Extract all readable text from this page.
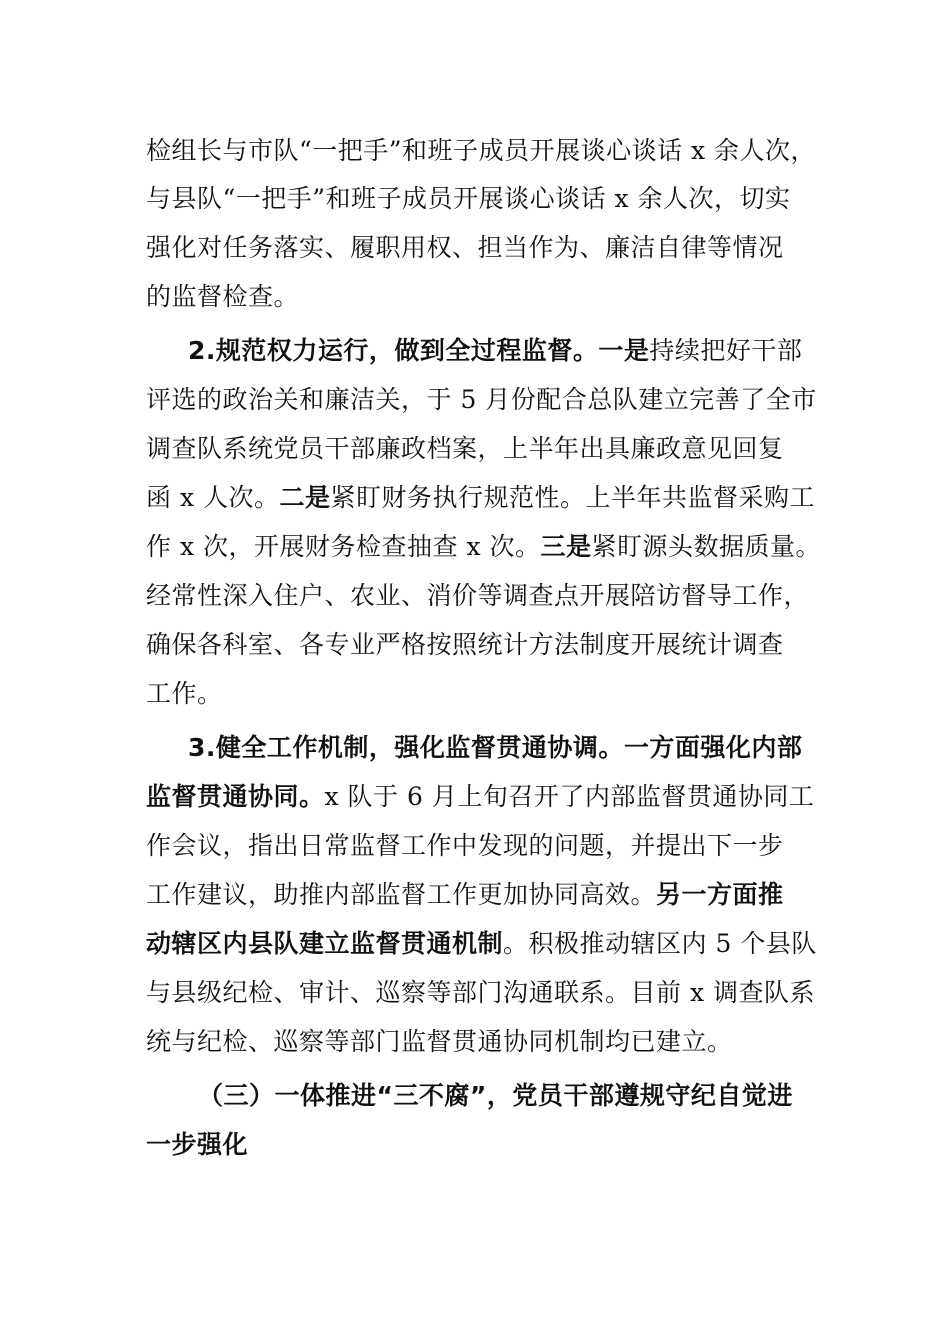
检组长与市队“一把手”和班子成员开展谈心谈话 x 余人次，
与县队“一把手”和班子成员开展谈心谈话 x 余人次，切实
强化对任务落实、履职用权、担当作为、廉洁自律等情况
的监督检查。
2.规范权力运行，做到全过程监督。一是持续把好干部
评选的政治关和廉洁关，于 5 月份配合总队建立完善了全市
调查队系统党员干部廉政档案，上半年出具廉政意见回复
函 x 人次。二是紧盯财务执行规范性。上半年共监督采购工
作 x 次，开展财务检查抽查 x 次。三是紧盯源头数据质量。
经常性深入住户、农业、消价等调查点开展陪访督导工作，
确保各科室、各专业严格按照统计方法制度开展统计调查
工作。
3.健全工作机制，强化监督贯通协调。一方面强化内部
监督贯通协同。x 队于 6 月上旬召开了内部监督贯通协同工
作会议，指出日常监督工作中发现的问题，并提出下一步
工作建议，助推内部监督工作更加协同高效。另一方面推
动辖区内县队建立监督贯通机制。积极推动辖区内 5 个县队
与县级纪检、审计、巡察等部门沟通联系。目前 x 调查队系
统与纪检、巡察等部门监督贯通协同机制均已建立。
（三）一体推进“三不腐”，党员干部遵规守纪自觉进
一步强化
